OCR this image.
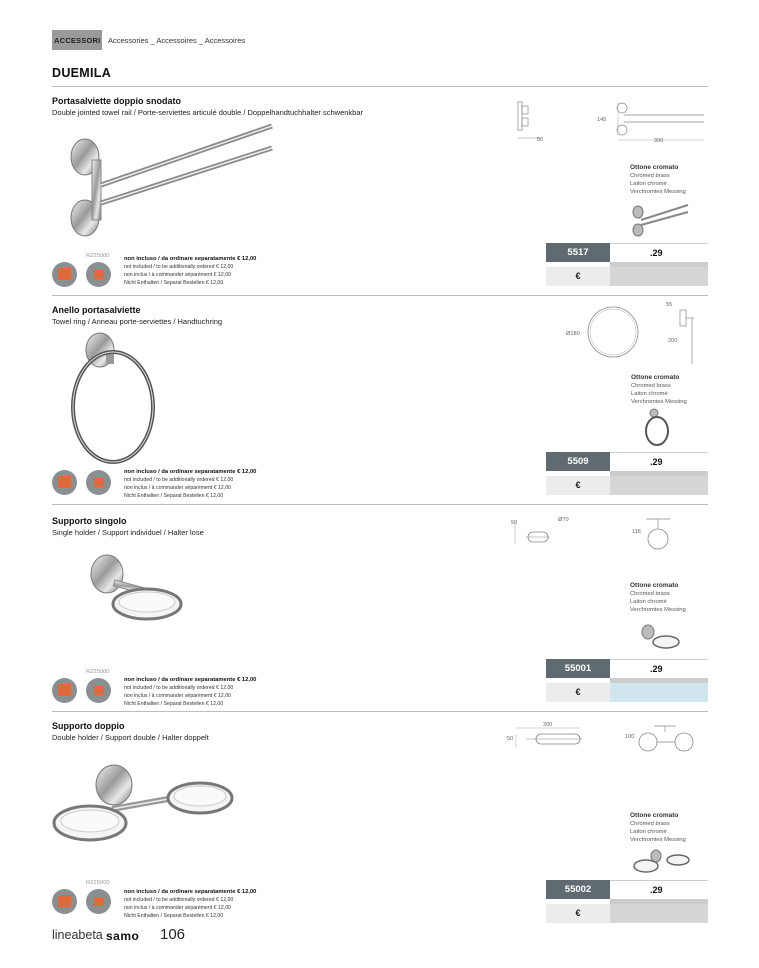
ACCESSORI Accessories _ Accessoires _ Accessoires
DUEMILA
Portasalviette doppio snodato
Double jointed towel rail / Porte-serviettes articulé double / Doppelhandtuchhalter schwenkbar
50
145
390
Ottone cromato
Chromed brass
Laiton chromé
Verchromtes Messing
R225000 non incluso / da ordinare separatamente € 12,00
not included / to be additionally ordered € 12,00
non inclus / à commander séparément € 12,00
Nicht Enthalten / Separat Bestellen € 12,00
5517	.29
€
Anello portasalviette
Towel ring / Anneau porte-serviettes / Handtuchring
Ø180
55
200
Ottone cromato
Chromed brass
Laiton chromé
Verchromtes Messing
non incluso / da ordinare separatamente € 12,00
not included / to be additionally ordered € 12,00
non inclus / à commander séparément € 12,00
Nicht Enthalten / Separat Bestellen € 12,00
5509	.29
€
Supporto singolo
Single holder / Support individuel / Halter lose
50	Ø70
116
Ottone cromato
Chromed brass
Laiton chromé
Verchromtes Messing
R225000
non incluso / da ordinare separatamente € 12,00
not included / to be additionally ordered € 12,00
non inclus / à commander séparément € 12,00
Nicht Enthalten / Separat Bestellen € 12,00
55001	.29
€
Supporto doppio
Double holder / Support double / Halter doppelt
200
50	100
Ottone cromato
Chromed brass
Laiton chromé
Verchromtes Messing
R225000
non incluso / da ordinare separatamente € 12,00
not included / to be additionally ordered € 12,00
non inclus / à commander séparément € 12,00
Nicht Enthalten / Separat Bestellen € 12,00
55002	.29
€
lineabeta samo 106
